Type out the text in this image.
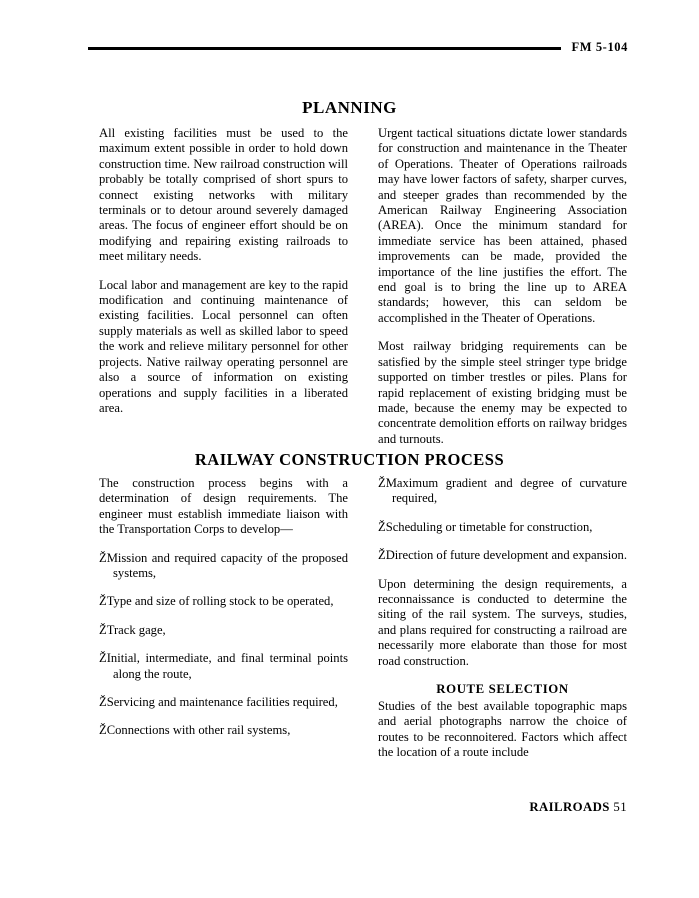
FM 5-104
PLANNING

All existing facilities must be used to the maximum extent possible in order to hold down construction time. New railroad construction will probably be totally comprised of short spurs to connect existing networks with military terminals or to detour around severely damaged areas. The focus of engineer effort should be on modifying and repairing existing railroads to meet military needs.

Local labor and management are key to the rapid modification and continuing maintenance of existing facilities. Local personnel can often supply materials as well as skilled labor to speed the work and relieve military personnel for other projects. Native railway operating personnel are also a source of information on existing operations and supply facilities in a liberated area.

Urgent tactical situations dictate lower standards for construction and maintenance in the Theater of Operations. Theater of Operations railroads may have lower factors of safety, sharper curves, and steeper grades than recommended by the American Railway Engineering Association (AREA). Once the minimum standard for immediate service has been attained, phased improvements can be made, provided the importance of the line justifies the effort. The end goal is to bring the line up to AREA standards; however, this can seldom be accomplished in the Theater of Operations.

Most railway bridging requirements can be satisfied by the simple steel stringer type bridge supported on timber trestles or piles. Plans for rapid replacement of existing bridging must be made, because the enemy may be expected to concentrate demolition efforts on railway bridges and turnouts.

RAILWAY CONSTRUCTION PROCESS

The construction process begins with a determination of design requirements. The engineer must establish immediate liaison with the Transportation Corps to develop—

ŽMission and required capacity of the proposed systems,

ŽType and size of rolling stock to be operated,

ŽTrack gage,

ŽInitial, intermediate, and final terminal points along the route,

ŽServicing and maintenance facilities required,

ŽConnections with other rail systems,

ŽMaximum gradient and degree of curvature required,

ŽScheduling or timetable for construction,

ŽDirection of future development and expansion.

Upon determining the design requirements, a reconnaissance is conducted to determine the siting of the rail system. The surveys, studies, and plans required for constructing a railroad are necessarily more elaborate than those for most road construction.

ROUTE SELECTION

Studies of the best available topographic maps and aerial photographs narrow the choice of routes to be reconnoitered. Factors which affect the location of a route include

RAILROADS 51
